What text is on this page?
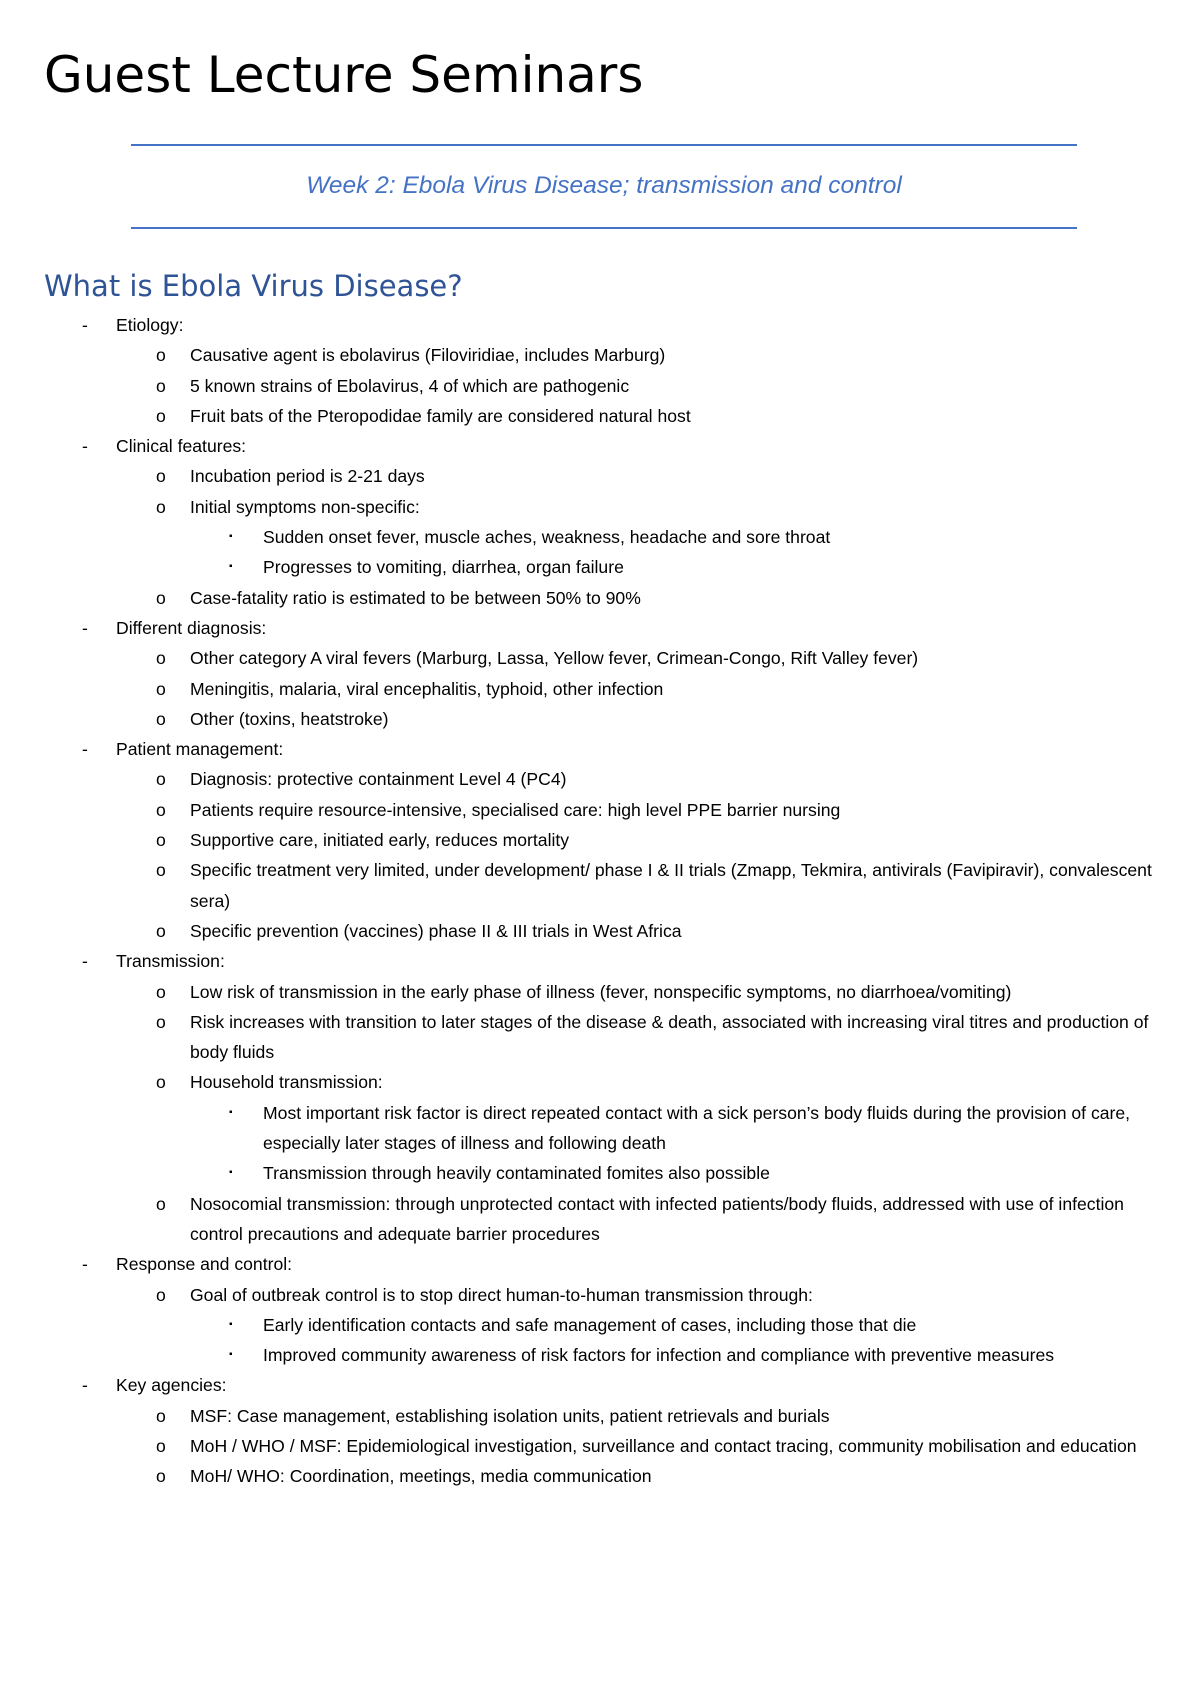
Guest Lecture Seminars
Week 2: Ebola Virus Disease; transmission and control
What is Ebola Virus Disease?
- Etiology:
o Causative agent is ebolavirus (Filoviridiae, includes Marburg)
o 5 known strains of Ebolavirus, 4 of which are pathogenic
o Fruit bats of the Pteropodidae family are considered natural host
- Clinical features:
o Incubation period is 2-21 days
o Initial symptoms non-specific:
▪ Sudden onset fever, muscle aches, weakness, headache and sore throat
▪ Progresses to vomiting, diarrhea, organ failure
o Case-fatality ratio is estimated to be between 50% to 90%
- Different diagnosis:
o Other category A viral fevers (Marburg, Lassa, Yellow fever, Crimean-Congo, Rift Valley fever)
o Meningitis, malaria, viral encephalitis, typhoid, other infection
o Other (toxins, heatstroke)
- Patient management:
o Diagnosis: protective containment Level 4 (PC4)
o Patients require resource-intensive, specialised care: high level PPE barrier nursing
o Supportive care, initiated early, reduces mortality
o Specific treatment very limited, under development/ phase I & II trials (Zmapp, Tekmira, antivirals (Favipiravir), convalescent sera)
o Specific prevention (vaccines) phase II & III trials in West Africa
- Transmission:
o Low risk of transmission in the early phase of illness (fever, nonspecific symptoms, no diarrhoea/vomiting)
o Risk increases with transition to later stages of the disease & death, associated with increasing viral titres and production of body fluids
o Household transmission:
▪ Most important risk factor is direct repeated contact with a sick person’s body fluids during the provision of care, especially later stages of illness and following death
▪ Transmission through heavily contaminated fomites also possible
o Nosocomial transmission: through unprotected contact with infected patients/body fluids, addressed with use of infection control precautions and adequate barrier procedures
- Response and control:
o Goal of outbreak control is to stop direct human-to-human transmission through:
▪ Early identification contacts and safe management of cases, including those that die
▪ Improved community awareness of risk factors for infection and compliance with preventive measures
- Key agencies:
o MSF: Case management, establishing isolation units, patient retrievals and burials
o MoH / WHO / MSF: Epidemiological investigation, surveillance and contact tracing, community mobilisation and education
o MoH/ WHO: Coordination, meetings, media communication
